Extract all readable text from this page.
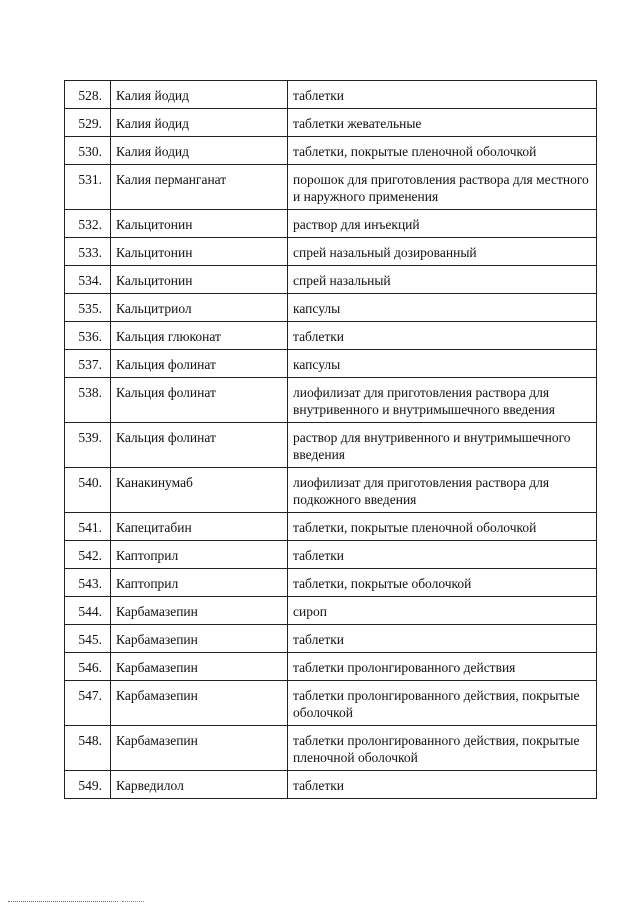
528.	Калия йодид	таблетки
529.	Калия йодид	таблетки жевательные
530.	Калия йодид	таблетки, покрытые пленочной оболочкой
531.	Калия перманганат	порошок для приготовления раствора для местного и наружного применения
532.	Кальцитонин	раствор для инъекций
533.	Кальцитонин	спрей назальный дозированный
534.	Кальцитонин	спрей назальный
535.	Кальцитриол	капсулы
536.	Кальция глюконат	таблетки
537.	Кальция фолинат	капсулы
538.	Кальция фолинат	лиофилизат для приготовления раствора для внутривенного и внутримышечного введения
539.	Кальция фолинат	раствор для внутривенного и внутримышечного введения
540.	Канакинумаб	лиофилизат для приготовления раствора для подкожного введения
541.	Капецитабин	таблетки, покрытые пленочной оболочкой
542.	Каптоприл	таблетки
543.	Каптоприл	таблетки, покрытые оболочкой
544.	Карбамазепин	сироп
545.	Карбамазепин	таблетки
546.	Карбамазепин	таблетки пролонгированного действия
547.	Карбамазепин	таблетки пролонгированного действия, покрытые оболочкой
548.	Карбамазепин	таблетки пролонгированного действия, покрытые пленочной оболочкой
549.	Карведилол	таблетки
